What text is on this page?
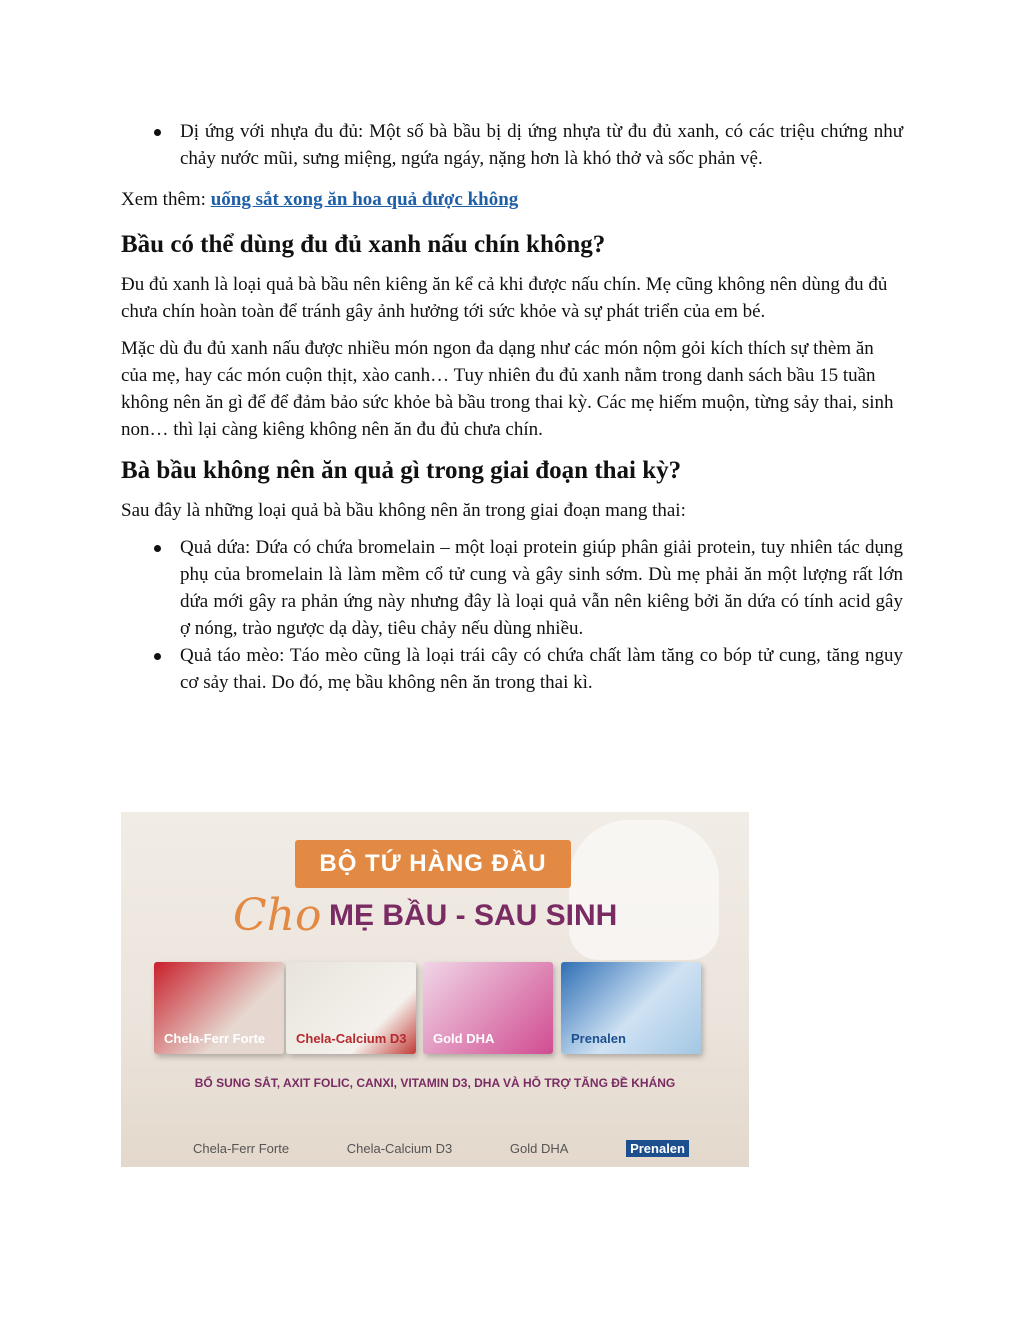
Dị ứng với nhựa đu đủ: Một số bà bầu bị dị ứng nhựa từ đu đủ xanh, có các triệu chứng như chảy nước mũi, sưng miệng, ngứa ngáy, nặng hơn là khó thở và sốc phản vệ.

Xem thêm: uống sắt xong ăn hoa quả được không

Bầu có thể dùng đu đủ xanh nấu chín không?

Đu đủ xanh là loại quả bà bầu nên kiêng ăn kể cả khi được nấu chín. Mẹ cũng không nên dùng đu đủ chưa chín hoàn toàn để tránh gây ảnh hưởng tới sức khỏe và sự phát triển của em bé.

Mặc dù đu đủ xanh nấu được nhiều món ngon đa dạng như các món nộm gỏi kích thích sự thèm ăn của mẹ, hay các món cuộn thịt, xào canh… Tuy nhiên đu đủ xanh nằm trong danh sách bầu 15 tuần không nên ăn gì để để đảm bảo sức khỏe bà bầu trong thai kỳ. Các mẹ hiếm muộn, từng sảy thai, sinh non… thì lại càng kiêng không nên ăn đu đủ chưa chín.

Bà bầu không nên ăn quả gì trong giai đoạn thai kỳ?

Sau đây là những loại quả bà bầu không nên ăn trong giai đoạn mang thai:

Quả dứa: Dứa có chứa bromelain – một loại protein giúp phân giải protein, tuy nhiên tác dụng phụ của bromelain là làm mềm cổ tử cung và gây sinh sớm. Dù mẹ phải ăn một lượng rất lớn dứa mới gây ra phản ứng này nhưng đây là loại quả vẫn nên kiêng bởi ăn dứa có tính acid gây ợ nóng, trào ngược dạ dày, tiêu chảy nếu dùng nhiều.
Quả táo mèo: Táo mèo cũng là loại trái cây có chứa chất làm tăng co bóp tử cung, tăng nguy cơ sảy thai. Do đó, mẹ bầu không nên ăn trong thai kì.
BỘ TỨ HÀNG ĐẦU
Cho MẸ BẦU - SAU SINH
Chela-Ferr Forte Chela-Calcium D3 Gold DHA	Prenalen
BỔ SUNG SẮT, AXIT FOLIC, CANXI, VITAMIN D3, DHA VÀ HỖ TRỢ TĂNG ĐỀ KHÁNG
Chela-Ferr Forte	Chela-Calcium D3	Gold DHA	Prenalen
